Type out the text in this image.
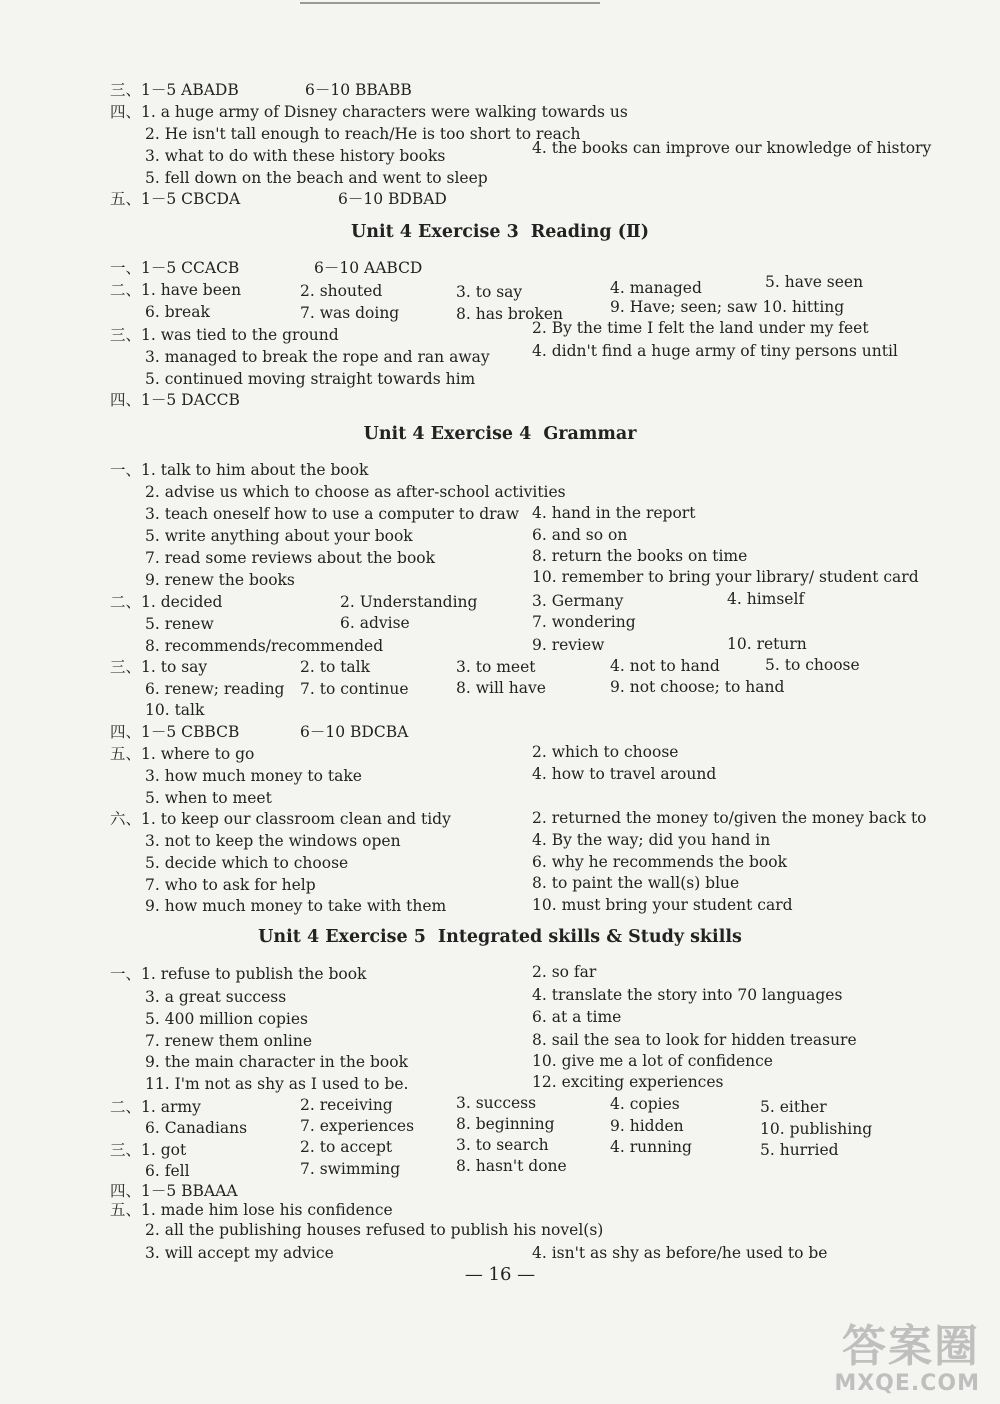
Unit 4 Exercise 3 Reading (Ⅱ)
Unit 4 Exercise 4 Grammar
Unit 4 Exercise 5 Integrated skills & Study skills
三、1－5 ABADB	6－10 BBABB
四、1. a huge army of Disney characters were walking towards us
2. He isn't tall enough to reach/He is too short to reach
3. what to do with these history books	4. the books can improve our knowledge of history
5. fell down on the beach and went to sleep
五、1－5 CBCDA	6－10 BDBAD
一、1－5 CCACB	6－10 AABCD
二、1. have been	2. shouted	3. to say	4. managed	5. have seen
6. break	7. was doing	8. has broken	9. Have; seen; saw 10. hitting
三、1. was tied to the ground	2. By the time I felt the land under my feet
3. managed to break the rope and ran away	4. didn't find a huge army of tiny persons until
5. continued moving straight towards him
四、1－5 DACCB
一、1. talk to him about the book
2. advise us which to choose as after-school activities
3. teach oneself how to use a computer to draw 4. hand in the report
5. write anything about your book	6. and so on
7. read some reviews about the book	8. return the books on time
9. renew the books	10. remember to bring your library/ student card
二、1. decided	2. Understanding	3. Germany	4. himself
5. renew	6. advise	7. wondering
8. recommends/recommended	9. review	10. return
三、1. to say	2. to talk	3. to meet	4. not to hand	5. to choose
6. renew; reading 7. to continue	8. will have	9. not choose; to hand
10. talk
四、1－5 CBBCB	6－10 BDCBA
五、1. where to go	2. which to choose
3. how much money to take	4. how to travel around
5. when to meet
六、1. to keep our classroom clean and tidy	2. returned the money to/given the money back to
3. not to keep the windows open	4. By the way; did you hand in
5. decide which to choose	6. why he recommends the book
7. who to ask for help	8. to paint the wall(s) blue
9. how much money to take with them	10. must bring your student card
一、1. refuse to publish the book	2. so far
3. a great success	4. translate the story into 70 languages
5. 400 million copies	6. at a time
7. renew them online	8. sail the sea to look for hidden treasure
9. the main character in the book	10. give me a lot of confidence
11. I'm not as shy as I used to be.	12. exciting experiences
二、1. army	2. receiving	3. success	4. copies	5. either
6. Canadians	7. experiences	8. beginning	9. hidden	10. publishing
三、1. got	2. to accept	3. to search	4. running	5. hurried
6. fell	7. swimming	8. hasn't done
四、1－5 BBAAA
五、1. made him lose his confidence
2. all the publishing houses refused to publish his novel(s)
3. will accept my advice	4. isn't as shy as before/he used to be
— 16 —
答案圈
MXQE.COM
